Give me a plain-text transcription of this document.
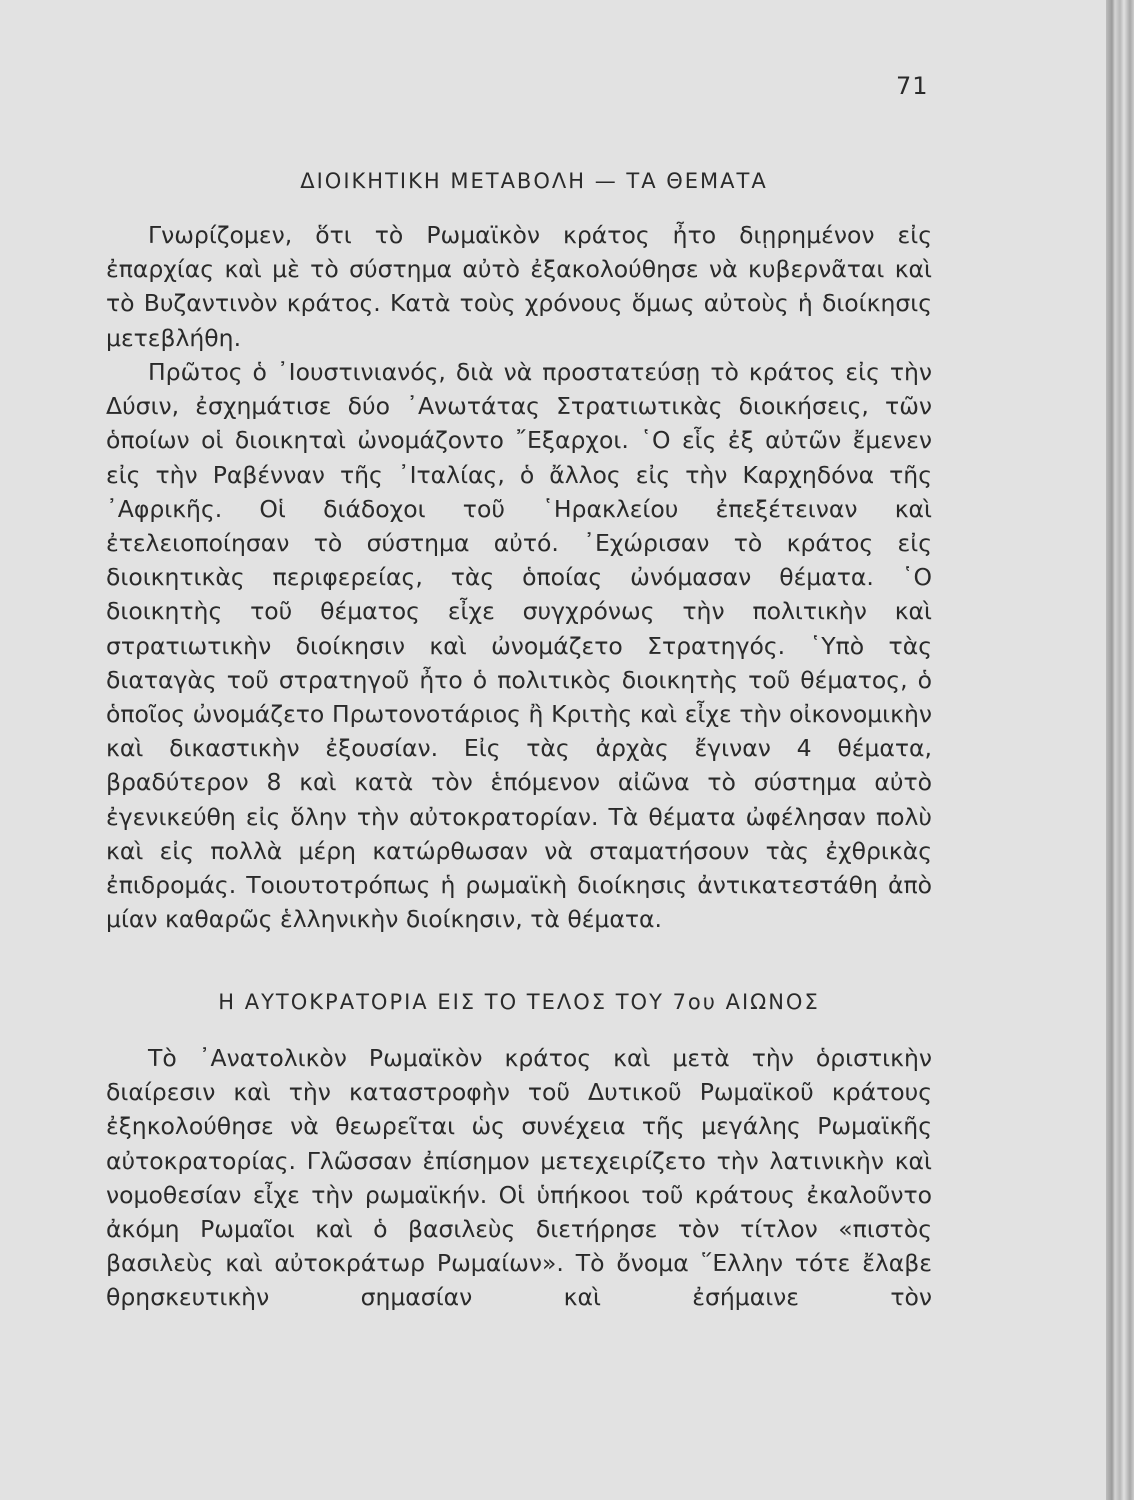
71
ΔΙΟΙΚΗΤΙΚΗ ΜΕΤΑΒΟΛΗ — ΤΑ ΘΕΜΑΤΑ

Γνωρίζομεν, ὅτι τὸ Ρωμαϊκὸν κράτος ἦτο διῃρημένον εἰς ἐπαρχίας καὶ μὲ τὸ σύστημα αὐτὸ ἐξακολούθησε νὰ κυβερνᾶται καὶ τὸ Βυζαντινὸν κράτος. Κατὰ τοὺς χρόνους ὅμως αὐτοὺς ἡ διοίκησις μετεβλήθη.

Πρῶτος ὁ ᾽Ιουστινιανός, διὰ νὰ προστατεύσῃ τὸ κράτος εἰς τὴν Δύσιν, ἐσχημάτισε δύο ᾽Ανωτάτας Στρατιωτικὰς διοικήσεις, τῶν ὁποίων οἱ διοικηταὶ ὠνομάζοντο ῎Εξαρχοι. ῾Ο εἷς ἐξ αὐτῶν ἔμενεν εἰς τὴν Ραβένναν τῆς ᾽Ιταλίας, ὁ ἄλλος εἰς τὴν Καρχηδόνα τῆς ᾽Αφρικῆς. Οἱ διάδοχοι τοῦ ῾Ηρακλείου ἐπεξέτειναν καὶ ἐτελειοποίησαν τὸ σύστημα αὐτό. ᾽Εχώρισαν τὸ κράτος εἰς διοικητικὰς περιφερείας, τὰς ὁποίας ὠνόμασαν θέματα. ῾Ο διοικητὴς τοῦ θέματος εἶχε συγχρόνως τὴν πολιτικὴν καὶ στρατιωτικὴν διοίκησιν καὶ ὠνομάζετο Στρατηγός. ῾Υπὸ τὰς διαταγὰς τοῦ στρατηγοῦ ἦτο ὁ πολιτικὸς διοικητὴς τοῦ θέματος, ὁ ὁποῖος ὠνομάζετο Πρωτονοτάριος ἢ Κριτὴς καὶ εἶχε τὴν οἰκονομικὴν καὶ δικαστικὴν ἐξουσίαν. Εἰς τὰς ἀρχὰς ἔγιναν 4 θέματα, βραδύτερον 8 καὶ κατὰ τὸν ἑπόμενον αἰῶνα τὸ σύστημα αὐτὸ ἐγενικεύθη εἰς ὅλην τὴν αὐτοκρατορίαν. Τὰ θέματα ὠφέλησαν πολὺ καὶ εἰς πολλὰ μέρη κατώρθωσαν νὰ σταματήσουν τὰς ἐχθρικὰς ἐπιδρομάς. Τοιουτοτρόπως ἡ ρωμαϊκὴ διοίκησις ἀντικατεστάθη ἀπὸ μίαν καθαρῶς ἑλληνικὴν διοίκησιν, τὰ θέματα.

Η ΑΥΤΟΚΡΑΤΟΡΙΑ ΕΙΣ ΤΟ ΤΕΛΟΣ ΤΟΥ 7ου ΑΙΩΝΟΣ

Τὸ ᾽Ανατολικὸν Ρωμαϊκὸν κράτος καὶ μετὰ τὴν ὁριστικὴν διαίρεσιν καὶ τὴν καταστροφὴν τοῦ Δυτικοῦ Ρωμαϊκοῦ κράτους ἐξηκολούθησε νὰ θεωρεῖται ὡς συνέχεια τῆς μεγάλης Ρωμαϊκῆς αὐτοκρατορίας. Γλῶσσαν ἐπίσημον μετεχειρίζετο τὴν λατινικὴν καὶ νομοθεσίαν εἶχε τὴν ρωμαϊκήν. Οἱ ὑπήκοοι τοῦ κράτους ἐκαλοῦντο ἀκόμη Ρωμαῖοι καὶ ὁ βασιλεὺς διετήρησε τὸν τίτλον «πιστὸς βασιλεὺς καὶ αὐτοκράτωρ Ρωμαίων». Τὸ ὄνομα ῞Ελλην τότε ἔλαβε θρησκευτικὴν σημασίαν καὶ ἐσήμαινε τὸν
